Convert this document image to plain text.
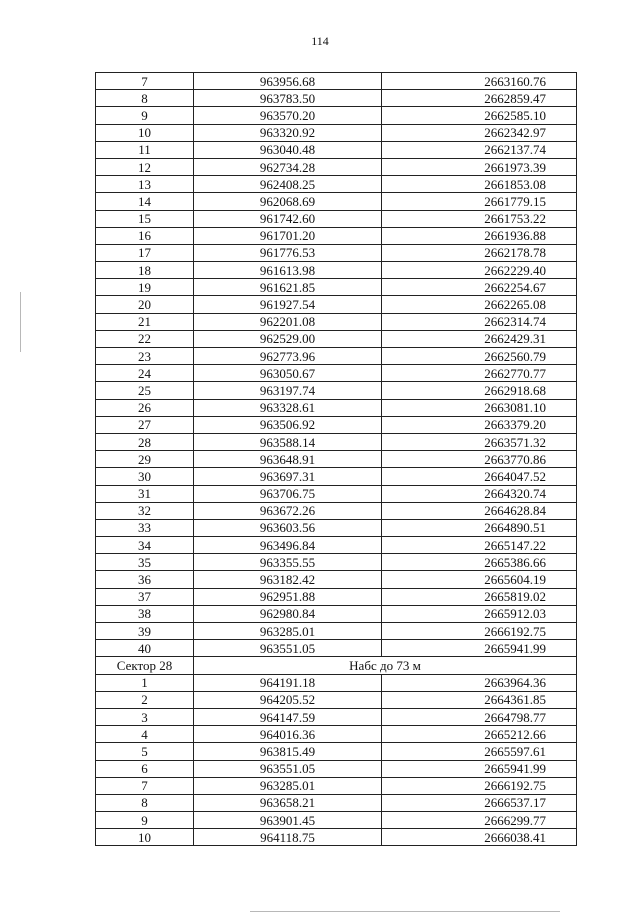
114
7	963956.68	2663160.76
8	963783.50	2662859.47
9	963570.20	2662585.10
10	963320.92	2662342.97
11	963040.48	2662137.74
12	962734.28	2661973.39
13	962408.25	2661853.08
14	962068.69	2661779.15
15	961742.60	2661753.22
16	961701.20	2661936.88
17	961776.53	2662178.78
18	961613.98	2662229.40
19	961621.85	2662254.67
20	961927.54	2662265.08
21	962201.08	2662314.74
22	962529.00	2662429.31
23	962773.96	2662560.79
24	963050.67	2662770.77
25	963197.74	2662918.68
26	963328.61	2663081.10
27	963506.92	2663379.20
28	963588.14	2663571.32
29	963648.91	2663770.86
30	963697.31	2664047.52
31	963706.75	2664320.74
32	963672.26	2664628.84
33	963603.56	2664890.51
34	963496.84	2665147.22
35	963355.55	2665386.66
36	963182.42	2665604.19
37	962951.88	2665819.02
38	962980.84	2665912.03
39	963285.01	2666192.75
40	963551.05	2665941.99
Сектор 28	Набс до 73 м	
1	964191.18	2663964.36
2	964205.52	2664361.85
3	964147.59	2664798.77
4	964016.36	2665212.66
5	963815.49	2665597.61
6	963551.05	2665941.99
7	963285.01	2666192.75
8	963658.21	2666537.17
9	963901.45	2666299.77
10	964118.75	2666038.41
